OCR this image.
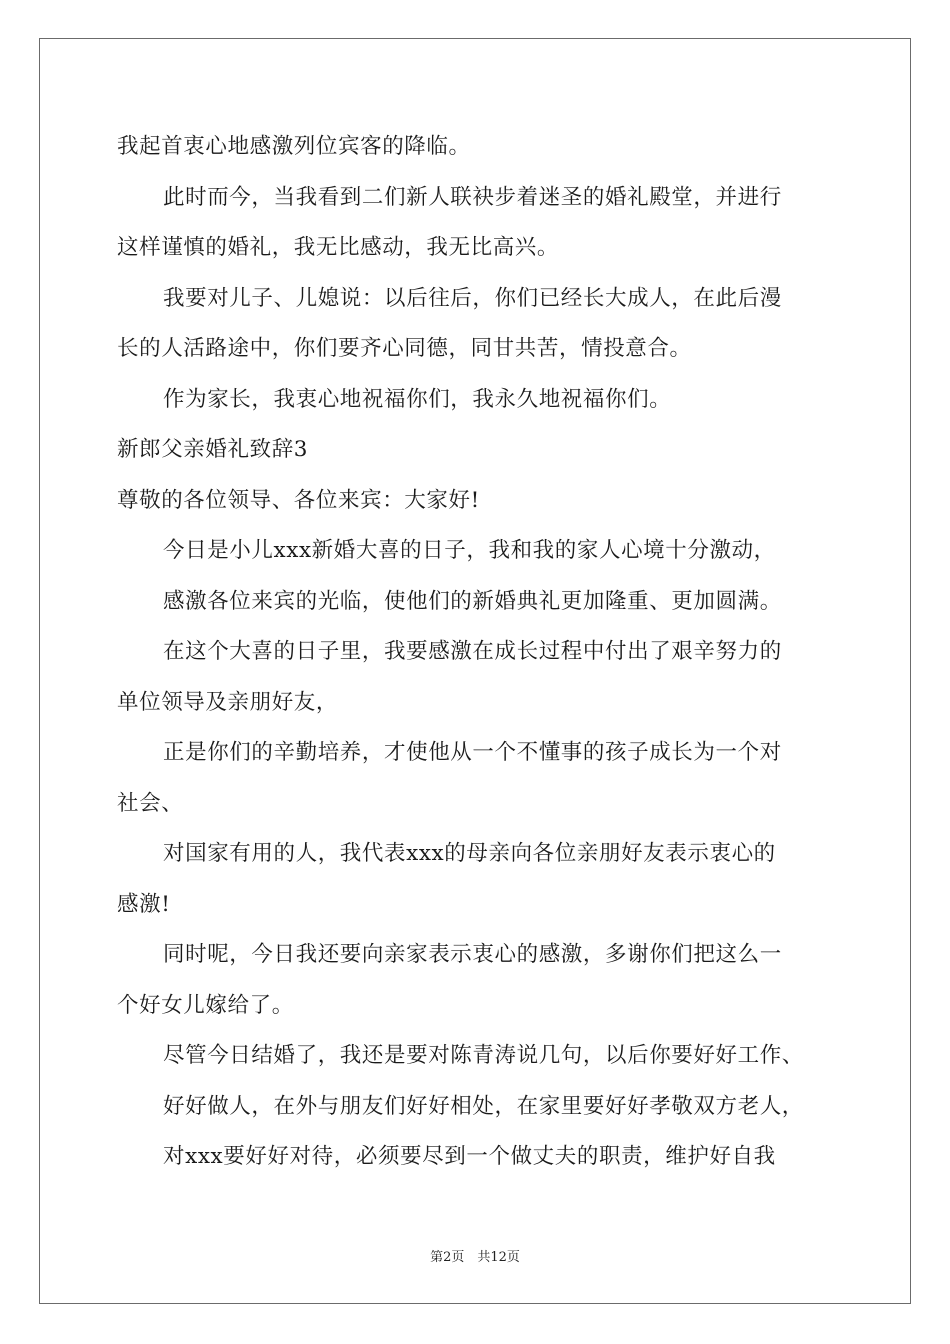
我起首衷心地感激列位宾客的降临。
此时而今，当我看到二们新人联袂步着迷圣的婚礼殿堂，并进行
这样谨慎的婚礼，我无比感动，我无比高兴。
我要对儿子、儿媳说：以后往后，你们已经长大成人，在此后漫
长的人活路途中，你们要齐心同德，同甘共苦，情投意合。
作为家长，我衷心地祝福你们，我永久地祝福你们。
新郎父亲婚礼致辞3
尊敬的各位领导、各位来宾：大家好!
今日是小儿xxx新婚大喜的日子，我和我的家人心境十分激动，
感激各位来宾的光临，使他们的新婚典礼更加隆重、更加圆满。
在这个大喜的日子里，我要感激在成长过程中付出了艰辛努力的
单位领导及亲朋好友，
正是你们的辛勤培养，才使他从一个不懂事的孩子成长为一个对
社会、
对国家有用的人，我代表xxx的母亲向各位亲朋好友表示衷心的
感激!
同时呢，今日我还要向亲家表示衷心的感激，多谢你们把这么一
个好女儿嫁给了。
尽管今日结婚了，我还是要对陈青涛说几句，以后你要好好工作、
好好做人，在外与朋友们好好相处，在家里要好好孝敬双方老人，
对xxx要好好对待，必须要尽到一个做丈夫的职责，维护好自我
第2页　共12页
